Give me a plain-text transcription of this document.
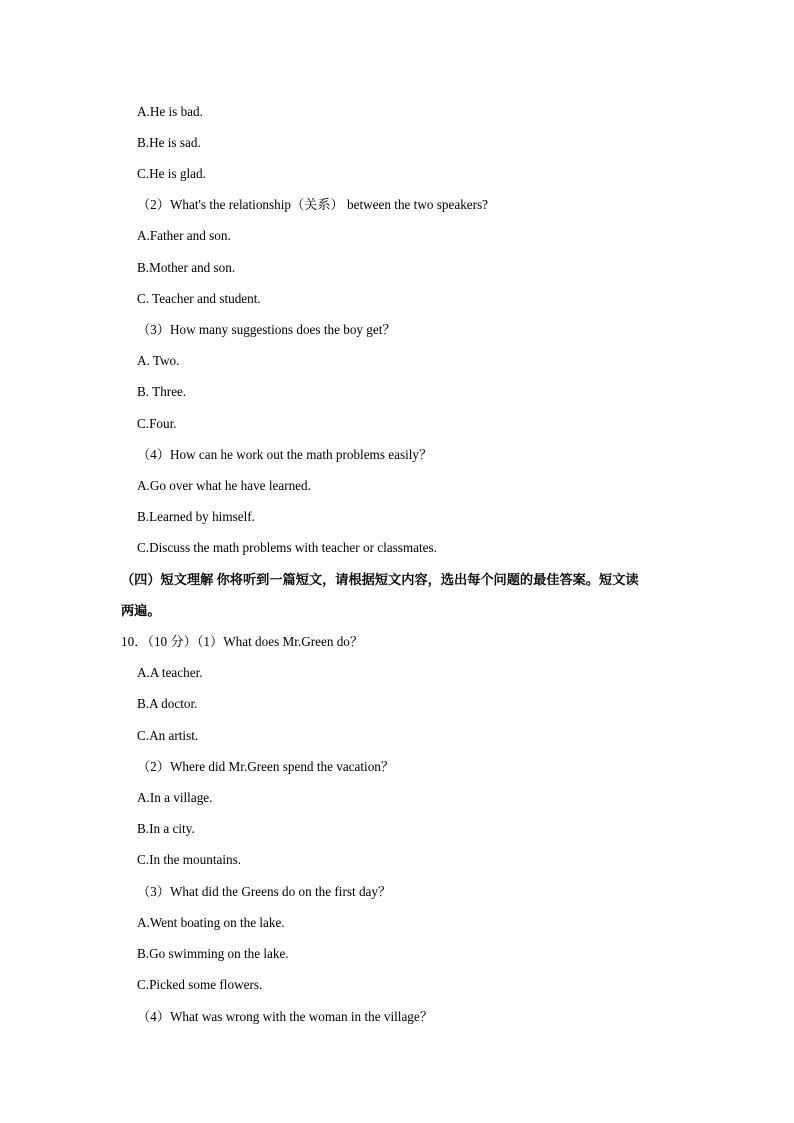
A.He is bad.
B.He is sad.
C.He is glad.
（2）What's the relationship（关系） between the two speakers?
A.Father and son.
B.Mother and son.
C. Teacher and student.
（3）How many suggestions does the boy get？
A. Two.
B. Three.
C.Four.
（4）How can he work out the math problems easily？
A.Go over what he have learned.
B.Learned by himself.
C.Discuss the math problems with teacher or classmates.
（四）短文理解 你将听到一篇短文，请根据短文内容，选出每个问题的最佳答案。短文读
两遍。
10．（10 分）（1）What does Mr.Green do？
A.A teacher.
B.A doctor.
C.An artist.
（2）Where did Mr.Green spend the vacation？
A.In a village.
B.In a city.
C.In the mountains.
（3）What did the Greens do on the first day？
A.Went boating on the lake.
B.Go swimming on the lake.
C.Picked some flowers.
（4）What was wrong with the woman in the village？
